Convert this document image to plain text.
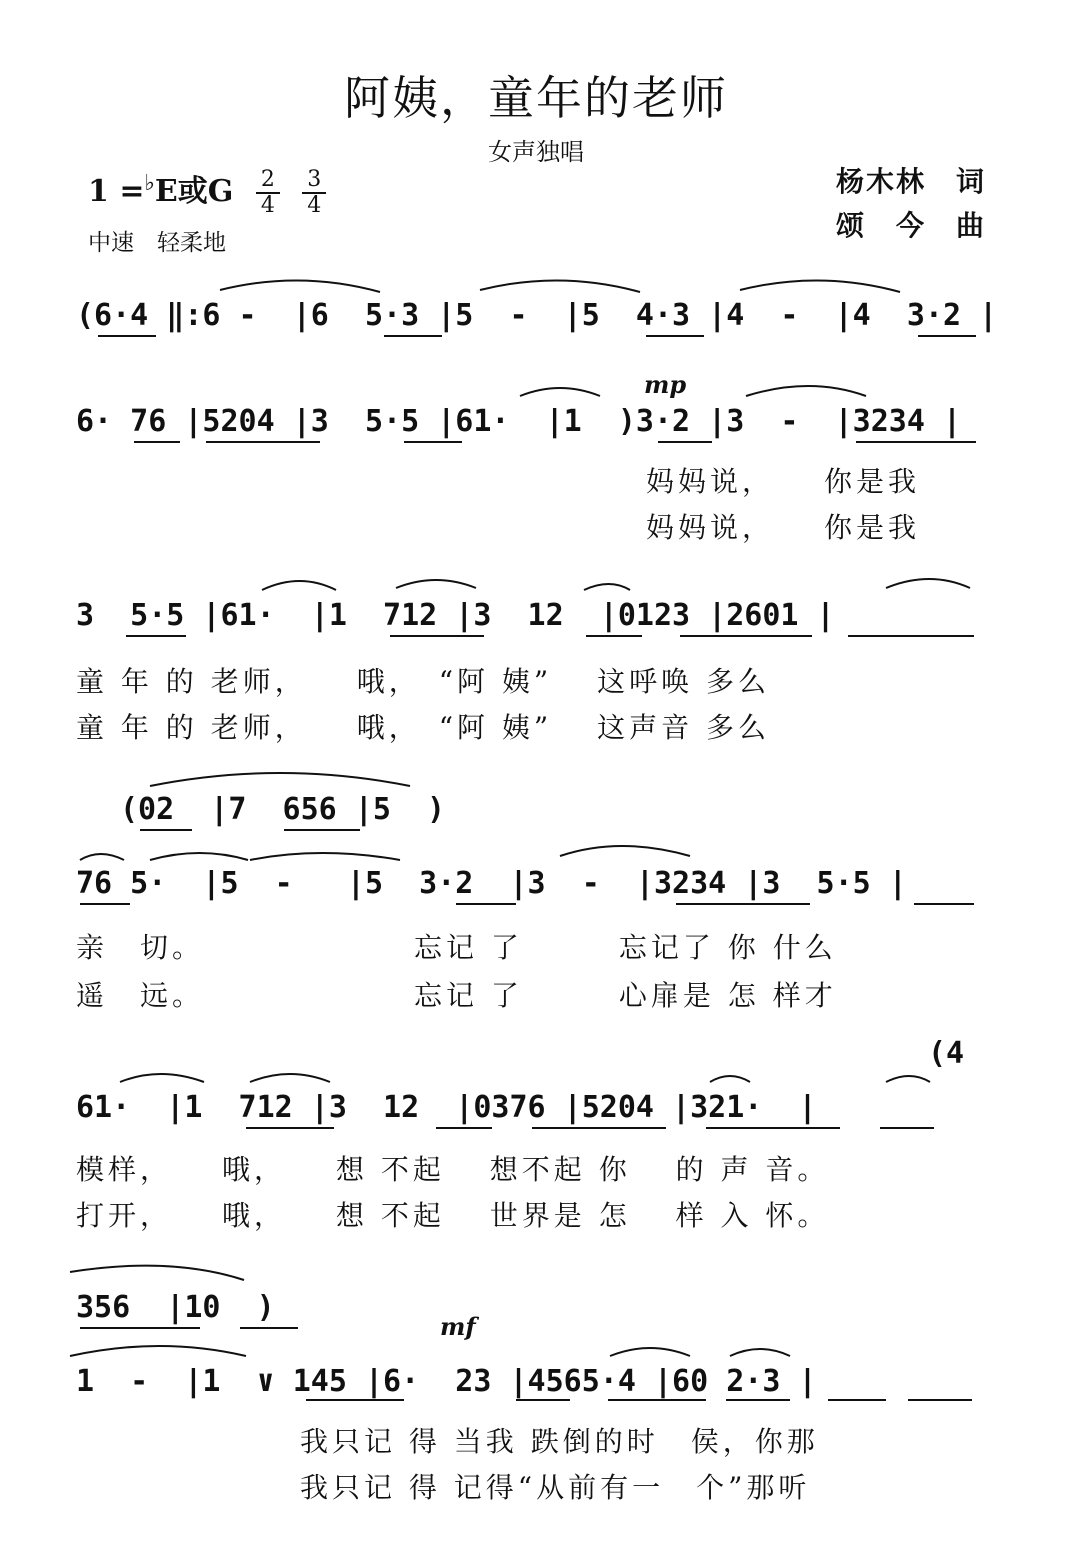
阿姨，童年的老师
女声独唱
1 =♭E或G $\frac{2}{4}$
$\frac{3}{4}$
中速　轻柔地
杨木林　词
颂　今　曲
(6·4 ‖:6 -  |6  5·3 |5  -  |5  4·3 |4  -  |4  3·2 |
mp
6· 76 |5204 |3  5·5 |61·  |1  )3·2 |3  -  |3234 |
妈妈说，　　你是我
妈妈说，　　你是我
3  5·5 |61·  |1  712 |3  12  |0123 |2601 |
童 年 的 老师，　　哦，　“阿 姨”　 这呼唤 多么
童 年 的 老师，　　哦，　“阿 姨”　 这声音 多么
(02  |7  656 |5  )
76 5·  |5  -   |5  3·2  |3  -  |3234 |3  5·5 |
亲　切。　　　　　　　忘记 了　　　忘记了 你 什么
遥　远。　　　　　　　忘记 了　　　心扉是 怎 样才
(4
61·  |1  712 |3  12  |0376 |5204 |321·  |
模样，　　哦，　　想 不起　 想不起 你　 的 声 音。
打开，　　哦，　　想 不起　 世界是 怎　 样 入 怀。
356  |10  )
mf
1  -  |1  ∨ 145 |6·  23 |4565·4 |60 2·3 |
我只记 得 当我 跌倒的时　侯，你那
我只记 得 记得“从前有一　个”那听
